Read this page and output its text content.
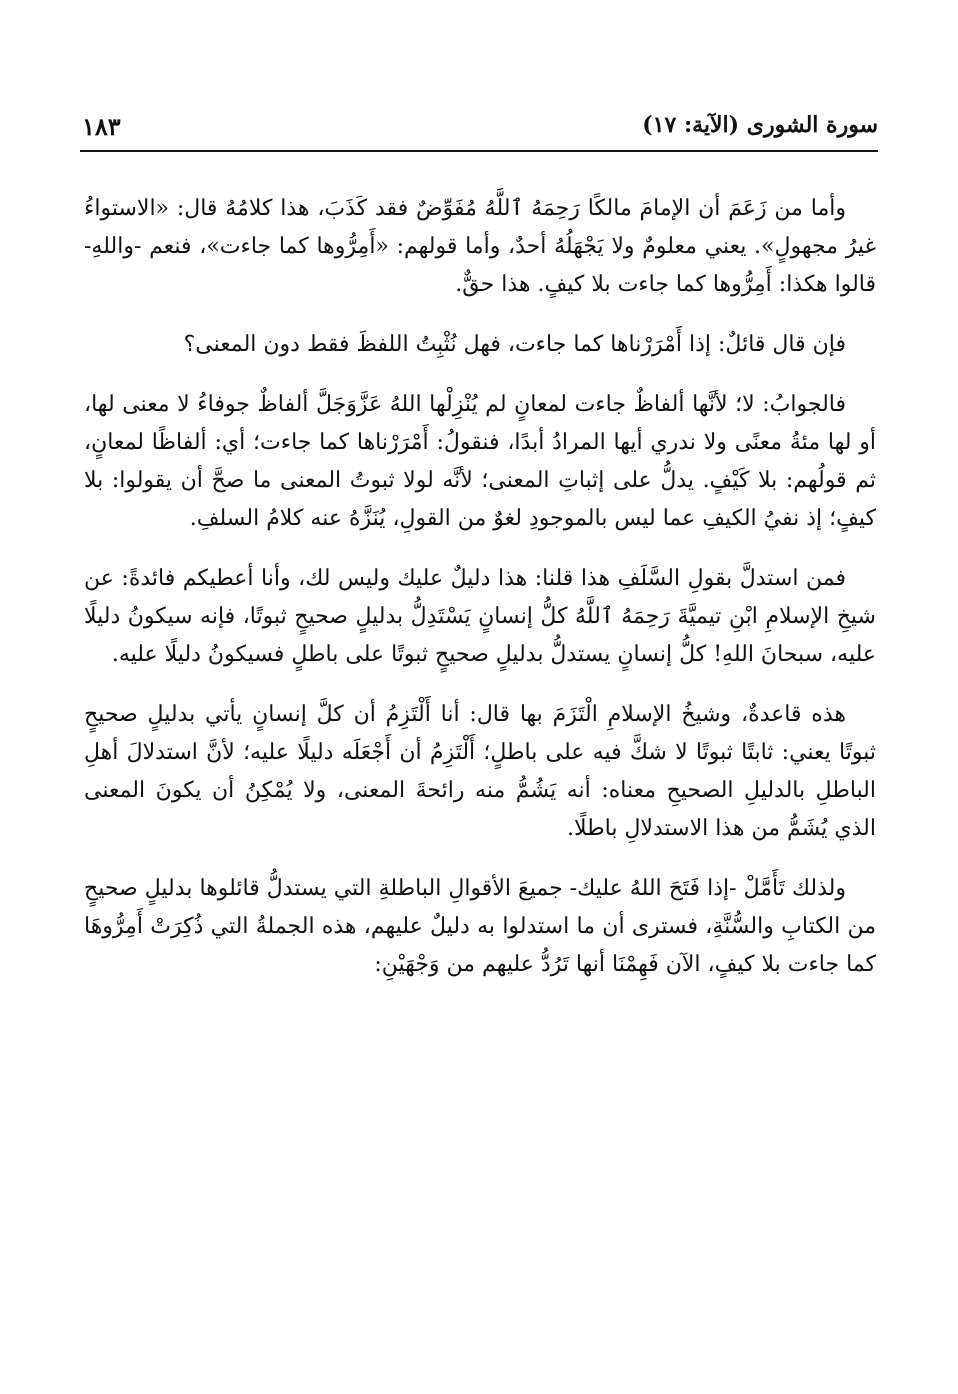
سورة الشورى (الآية: ١٧)
١٨٣

وأما من زَعَمَ أن الإمامَ مالكًا رَحِمَهُ ٱللَّهُ مُفَوِّضٌ فقد كَذَبَ، هذا كلامُهُ قال: «الاستواءُ غيرُ مجهولٍ». يعني معلومٌ ولا يَجْهَلُهُ أحدٌ، وأما قولهم: «أَمِرُّوها كما جاءت»، فنعم -واللهِ- قالوا هكذا: أَمِرُّوها كما جاءت بلا كيفٍ. هذا حقٌّ.

فإن قال قائلٌ: إذا أَمْرَرْناها كما جاءت، فهل نُثْبِتُ اللفظَ فقط دون المعنى؟

فالجوابُ: لا؛ لأنَّها ألفاظٌ جاءت لمعانٍ لم يُنْزِلْها اللهُ عَزَّوَجَلَّ ألفاظٌ جوفاءُ لا معنى لها، أو لها مئةُ معنًى ولا ندري أيها المرادُ أبدًا، فنقولُ: أَمْرَرْناها كما جاءت؛ أي: ألفاظًا لمعانٍ، ثم قولُهم: بلا كَيْفٍ. يدلُّ على إثباتِ المعنى؛ لأنَّه لولا ثبوتُ المعنى ما صحَّ أن يقولوا: بلا كيفٍ؛ إذ نفيُ الكيفِ عما ليس بالموجودِ لغوٌ من القولِ، يُنَزَّهُ عنه كلامُ السلفِ.

فمن استدلَّ بقولِ السَّلَفِ هذا قلنا: هذا دليلٌ عليك وليس لك، وأنا أعطيكم فائدةً: عن شيخِ الإسلامِ ابْنِ تيميَّةَ رَحِمَهُ ٱللَّهُ كلُّ إنسانٍ يَسْتَدِلُّ بدليلٍ صحيحٍ ثبوتًا، فإنه سيكونُ دليلًا عليه، سبحانَ اللهِ! كلُّ إنسانٍ يستدلُّ بدليلٍ صحيحٍ ثبوتًا على باطلٍ فسيكونُ دليلًا عليه.

هذه قاعدةٌ، وشيخُ الإسلامِ الْتَزَمَ بها قال: أنا أَلْتَزِمُ أن كلَّ إنسانٍ يأتي بدليلٍ صحيحٍ ثبوتًا يعني: ثابتًا ثبوتًا لا شكَّ فيه على باطلٍ؛ أَلْتَزِمُ أن أَجْعَلَه دليلًا عليه؛ لأنَّ استدلالَ أهلِ الباطلِ بالدليلِ الصحيحِ معناه: أنه يَشُمُّ منه رائحةَ المعنى، ولا يُمْكِنُ أن يكونَ المعنى الذي يُشَمُّ من هذا الاستدلالِ باطلًا.

ولذلك تَأَمَّلْ -إذا فَتَحَ اللهُ عليك- جميعَ الأقوالِ الباطلةِ التي يستدلُّ قائلوها بدليلٍ صحيحٍ من الكتابِ والسُّنَّةِ، فسترى أن ما استدلوا به دليلٌ عليهم، هذه الجملةُ التي ذُكِرَتْ أَمِرُّوهَا كما جاءت بلا كيفٍ، الآن فَهِمْنَا أنها تَرُدُّ عليهم من وَجْهَيْنِ:
